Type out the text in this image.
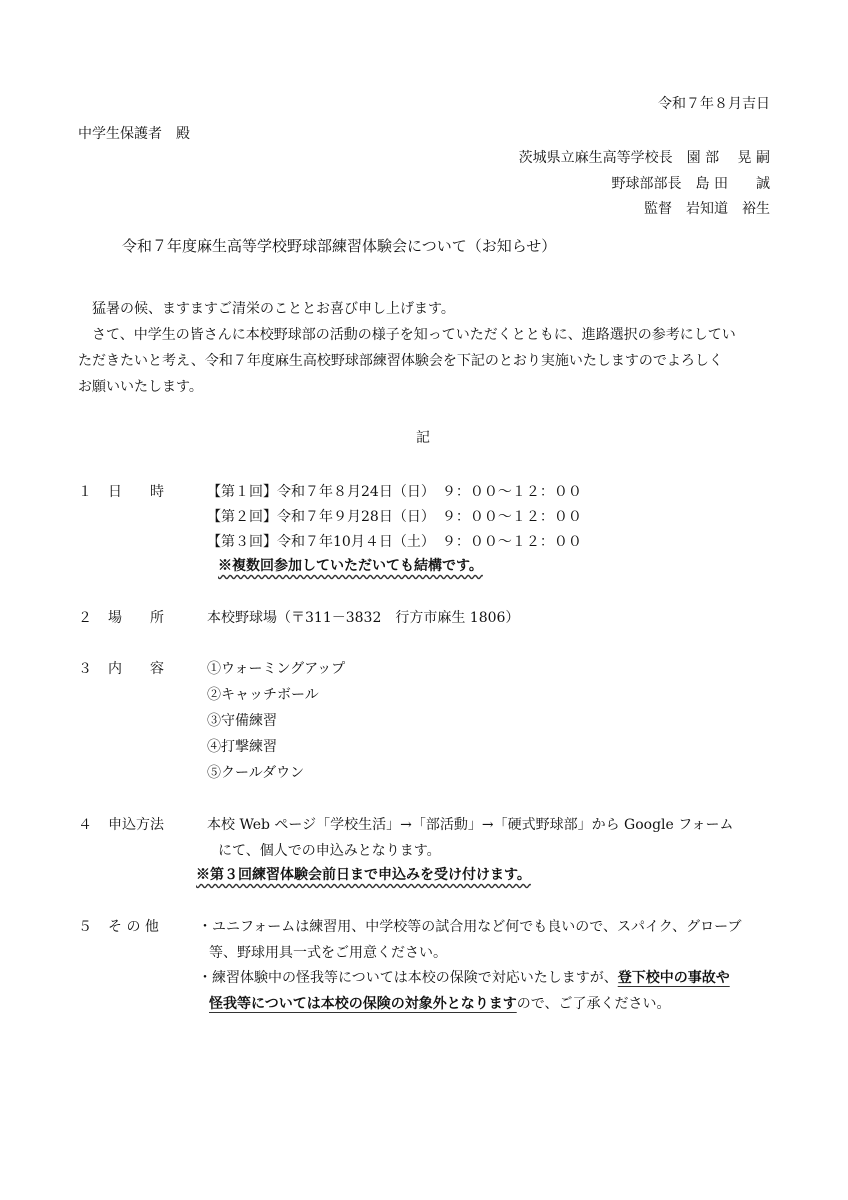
令和７年８月吉日
中学生保護者　殿
茨城県立麻生高等学校長　園 部　 晃 嗣
野球部部長　島 田　　誠
監督　岩知道　裕生
令和７年度麻生高等学校野球部練習体験会について（お知らせ）
猛暑の候、ますますご清栄のこととお喜び申し上げます。
さて、中学生の皆さんに本校野球部の活動の様子を知っていただくとともに、進路選択の参考にしてい
ただきたいと考え、令和７年度麻生高校野球部練習体験会を下記のとおり実施いたしますのでよろしく
お願いいたします。
記
１ 日　　時	【第１回】令和７年８月24日（日）　９：００～１２：００
【第２回】令和７年９月28日（日）　９：００～１２：００
【第３回】令和７年10月４日（土）　９：００～１２：００
※複数回参加していただいても結構です。
２ 場　　所	本校野球場（〒311－3832　行方市麻生 1806）
３ 内　　容	①ウォーミングアップ
②キャッチボール
③守備練習
④打撃練習
⑤クールダウン
４ 申込方法	本校 Web ページ「学校生活」→「部活動」→「硬式野球部」から Google フォーム
にて、個人での申込みとなります。
※第３回練習体験会前日まで申込みを受け付けます。
５ そ の 他	・ユニフォームは練習用、中学校等の試合用など何でも良いので、スパイク、グローブ
等、野球用具一式をご用意ください。
・練習体験中の怪我等については本校の保険で対応いたしますが、登下校中の事故や
怪我等については本校の保険の対象外となりますので、ご了承ください。
